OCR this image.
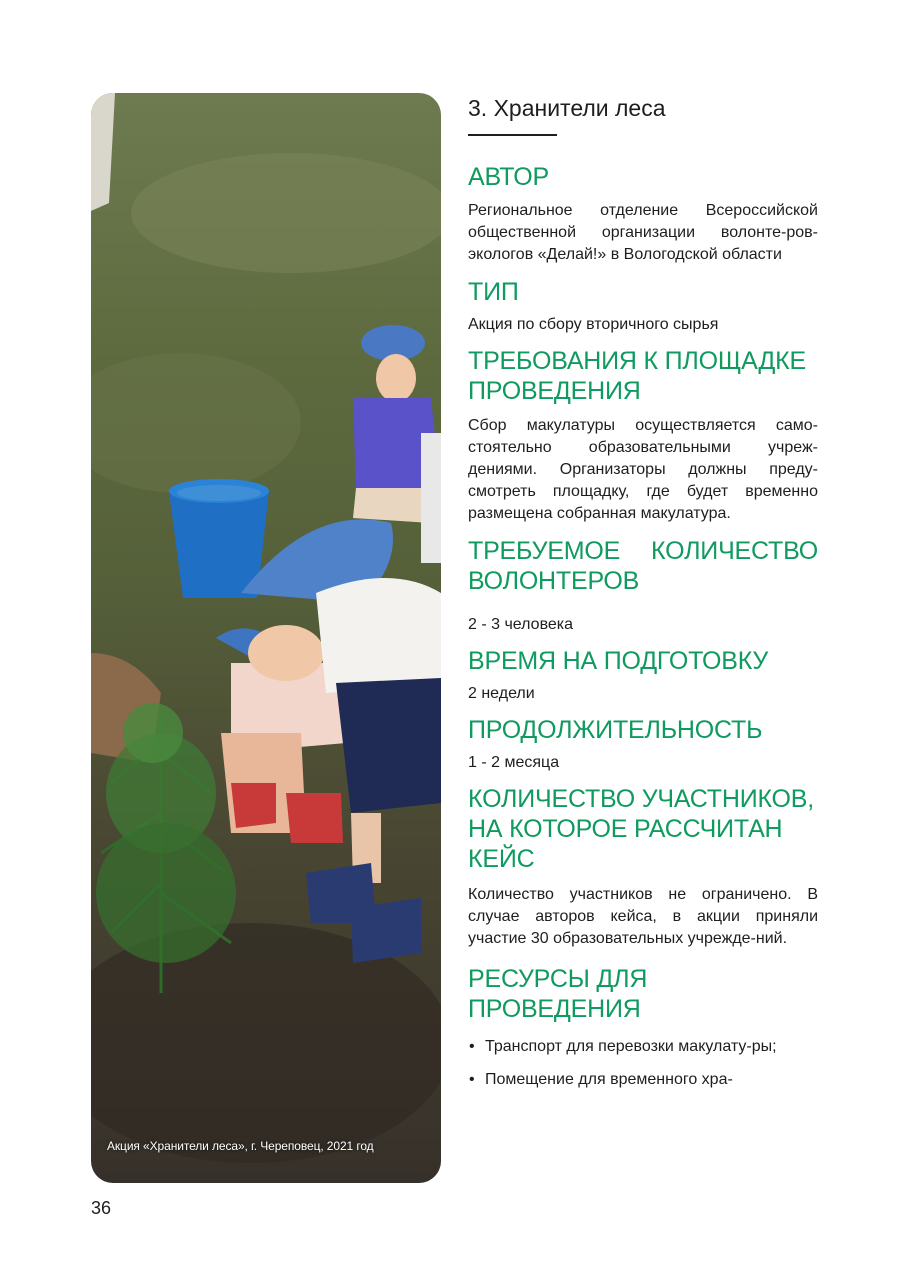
Акция «Хранители леса», г. Череповец, 2021 год
3. Хранители леса
АВТОР

Региональное отделение Всероссийской общественной организации волонте-ров-экологов «Делай!» в Вологодской области

ТИП

Акция по сбору вторичного сырья

ТРЕБОВАНИЯ К ПЛОЩАДКЕ
ПРОВЕДЕНИЯ

Сбор макулатуры осуществляется само-стоятельно образовательными учреж-дениями. Организаторы должны преду-смотреть площадку, где будет временно размещена собранная макулатура.

ТРЕБУЕМОЕ КОЛИЧЕСТВО
ВОЛОНТЕРОВ

2 - 3 человека

ВРЕМЯ НА ПОДГОТОВКУ

2 недели

ПРОДОЛЖИТЕЛЬНОСТЬ

1 - 2 месяца

КОЛИЧЕСТВО УЧАСТНИКОВ,
НА КОТОРОЕ РАССЧИТАН
КЕЙС

Количество участников не ограничено. В случае авторов кейса, в акции приняли участие 30 образовательных учрежде-ний.

РЕСУРСЫ ДЛЯ ПРОВЕДЕНИЯ
• Транспорт для перевозки макулату-ры;
• Помещение для временного хра-
36
